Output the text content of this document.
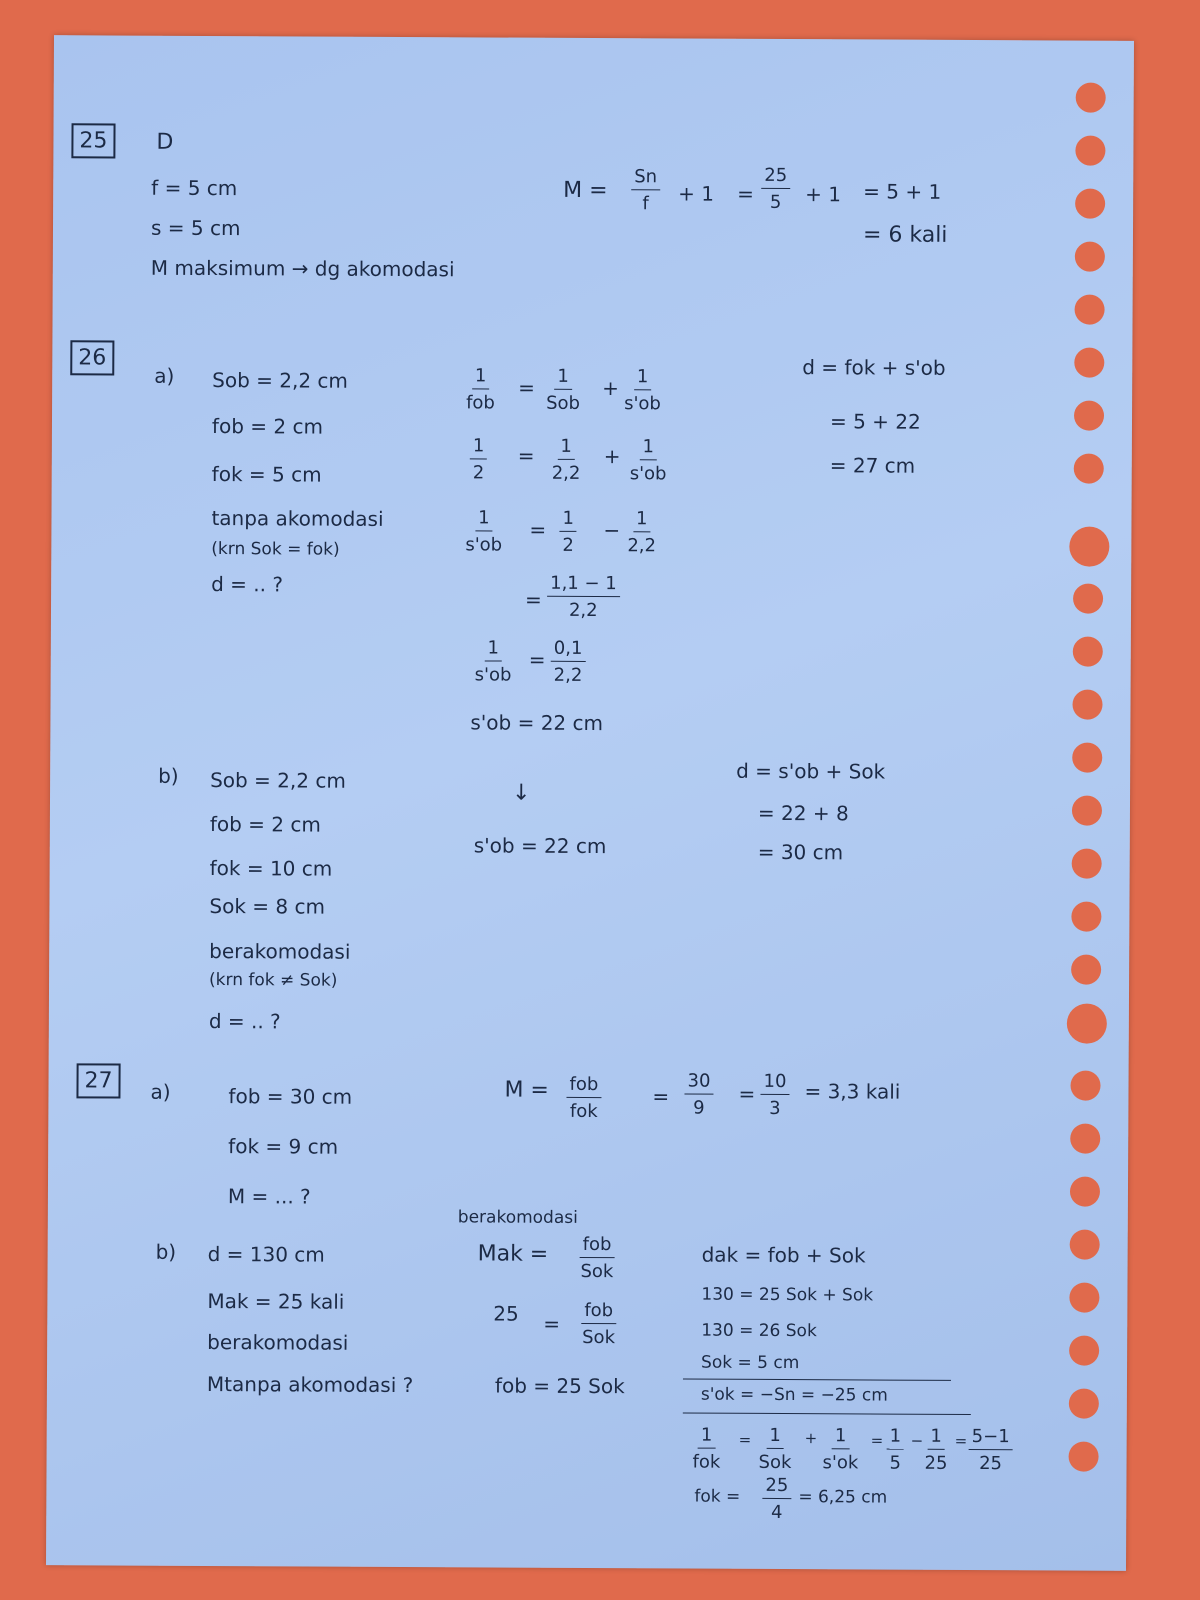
25	D
f = 5 cm
s = 5 cm
M maksimum → dg akomodasi
$M = \frac{Sn}{f} + 1 = \frac{25}{5} + 1 = 5 + 1$
= 6 kali
26
a) Sob = 2,2 cm
fob = 2 cm
fok = 5 cm
tanpa akomodasi
(krn Sok = fok)
d = .. ?
1
fob
= 1
Sob
+ $\frac{1}{s'ob}$
$\frac{1}{2} = \frac{1}{2,2} + \frac{1}{s'ob}$
$\frac{1}{s'ob} = \frac{1}{2} - \frac{1}{2,2}$
= $\frac{1,1 - 1}{2,2}$
$\frac{1}{s'ob} = \frac{0,1}{2,2}$
s'ob = 22 cm
d = fok + s'ob
= 5 + 22
= 27 cm
b) Sob = 2,2 cm
fob = 2 cm
fok = 10 cm
Sok = 8 cm
berakomodasi
(krn fok ≠ Sok)
d = .. ?
↓
s'ob = 22 cm
d = s'ob + Sok
= 22 + 8
= 30 cm
27	a)	fob = 30 cm
fok = 9 cm
M = ... ?
M = fob
fok
= $\frac{30}{9} = \frac{10}{3} = 3,3$ kali
b) d = 130 cm
Mak = 25 kali
berakomodasi
Mtanpa akomodasi ?
berakomodasi
Mak = fob
Sok
25 =
fob
Sok
fob = 25 Sok
dak = fob + Sok
130 = 25 Sok + Sok
130 = 26 Sok
Sok = 5 cm
s'ok = −Sn = −25 cm
1
fok
= 1
Sok
+ $\frac{1}{s'ok} = \frac{1}{5} - \frac{1}{25} = \frac{5-1}{25}$
fok = $\frac{25}{4} = 6,25$ cm
